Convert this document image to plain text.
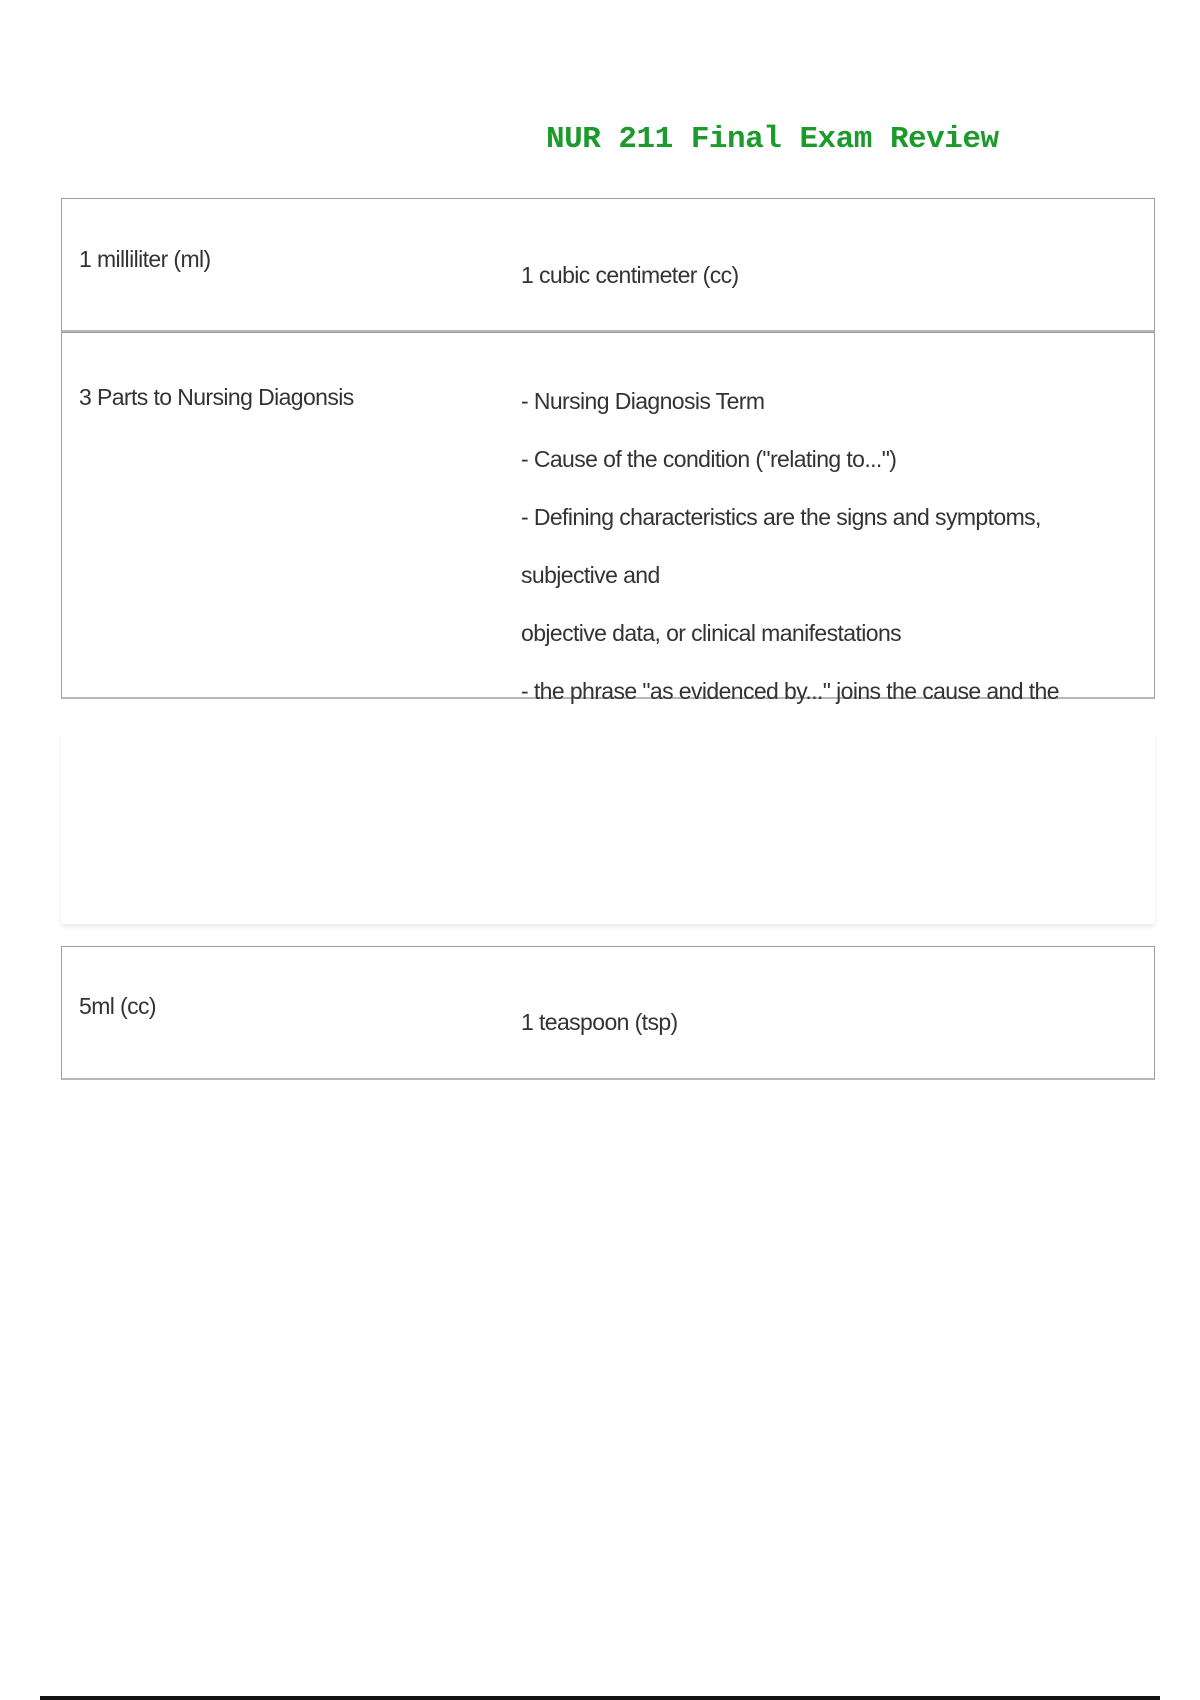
NUR 211 Final Exam Review
1 milliliter (ml)
1 cubic centimeter (cc)
3 Parts to Nursing Diagonsis	- Nursing Diagnosis Term
- Cause of the condition ("relating to...")
- Defining characteristics are the signs and symptoms, subjective and
objective data, or clinical manifestations
- the phrase "as evidenced by..." joins the cause and the
5ml (cc)
1 teaspoon (tsp)
